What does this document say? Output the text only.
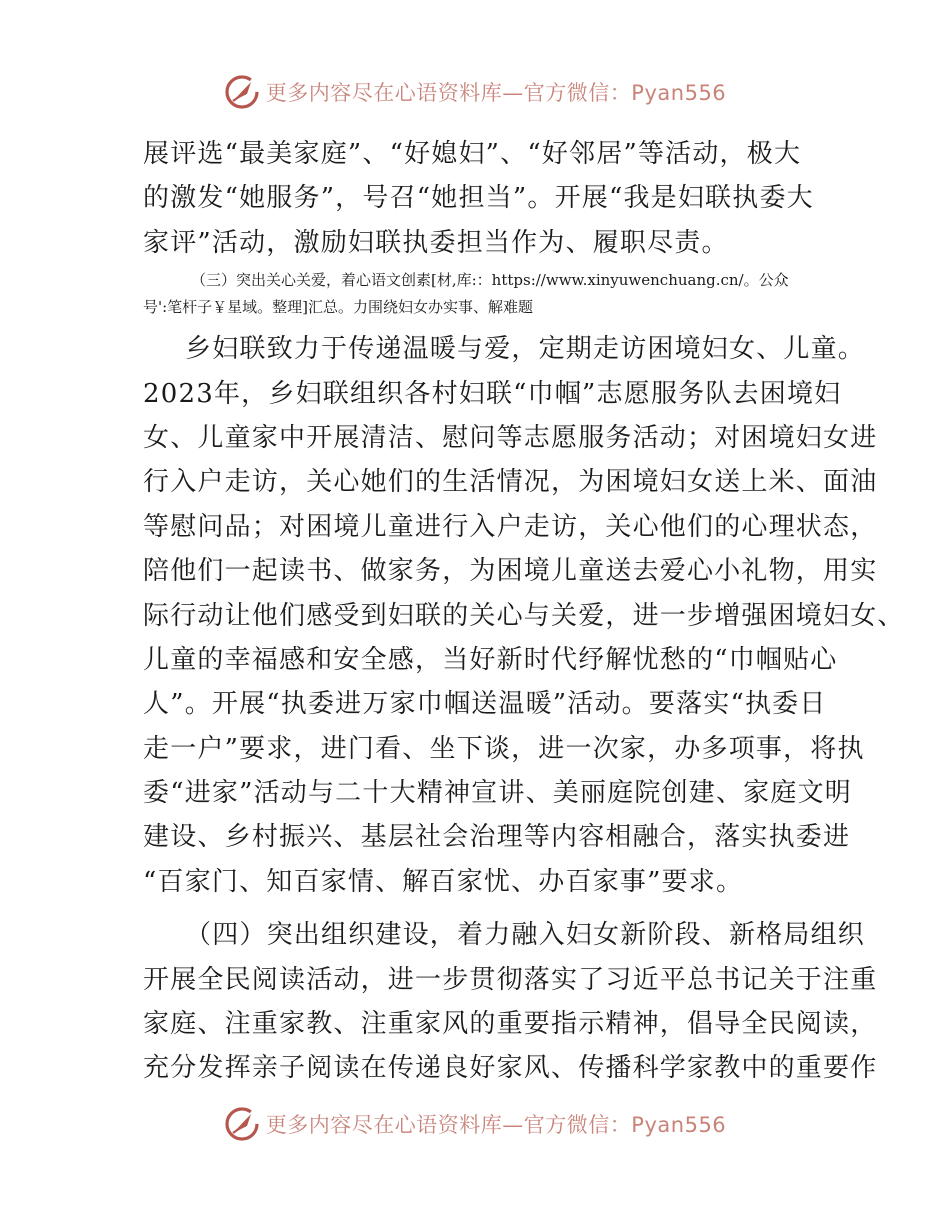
更多内容尽在心语资料库—官方微信：Pyan556
展评选“最美家庭”、“好媳妇”、“好邻居”等活动，极大
的激发“她服务”，号召“她担当”。开展“我是妇联执委大
家评”活动，激励妇联执委担当作为、履职尽责。
（三）突出关心关爱，着心语文创素[材,库:：https://www.xinyuwenchuang.cn/。公众
号':笔杆子￥星域。整理]汇总。力围绕妇女办实事、解难题
乡妇联致力于传递温暖与爱，定期走访困境妇女、儿童。
2023年，乡妇联组织各村妇联“巾帼”志愿服务队去困境妇
女、儿童家中开展清洁、慰问等志愿服务活动；对困境妇女进
行入户走访，关心她们的生活情况，为困境妇女送上米、面油
等慰问品；对困境儿童进行入户走访，关心他们的心理状态，
陪他们一起读书、做家务，为困境儿童送去爱心小礼物，用实
际行动让他们感受到妇联的关心与关爱，进一步增强困境妇女、
儿童的幸福感和安全感，当好新时代纾解忧愁的“巾帼贴心
人”。开展“执委进万家巾帼送温暖”活动。要落实“执委日
走一户”要求，进门看、坐下谈，进一次家，办多项事，将执
委“进家”活动与二十大精神宣讲、美丽庭院创建、家庭文明
建设、乡村振兴、基层社会治理等内容相融合，落实执委进
“百家门、知百家情、解百家忧、办百家事”要求。
（四）突出组织建设，着力融入妇女新阶段、新格局组织
开展全民阅读活动，进一步贯彻落实了习近平总书记关于注重
家庭、注重家教、注重家风的重要指示精神，倡导全民阅读，
充分发挥亲子阅读在传递良好家风、传播科学家教中的重要作
更多内容尽在心语资料库—官方微信：Pyan556
